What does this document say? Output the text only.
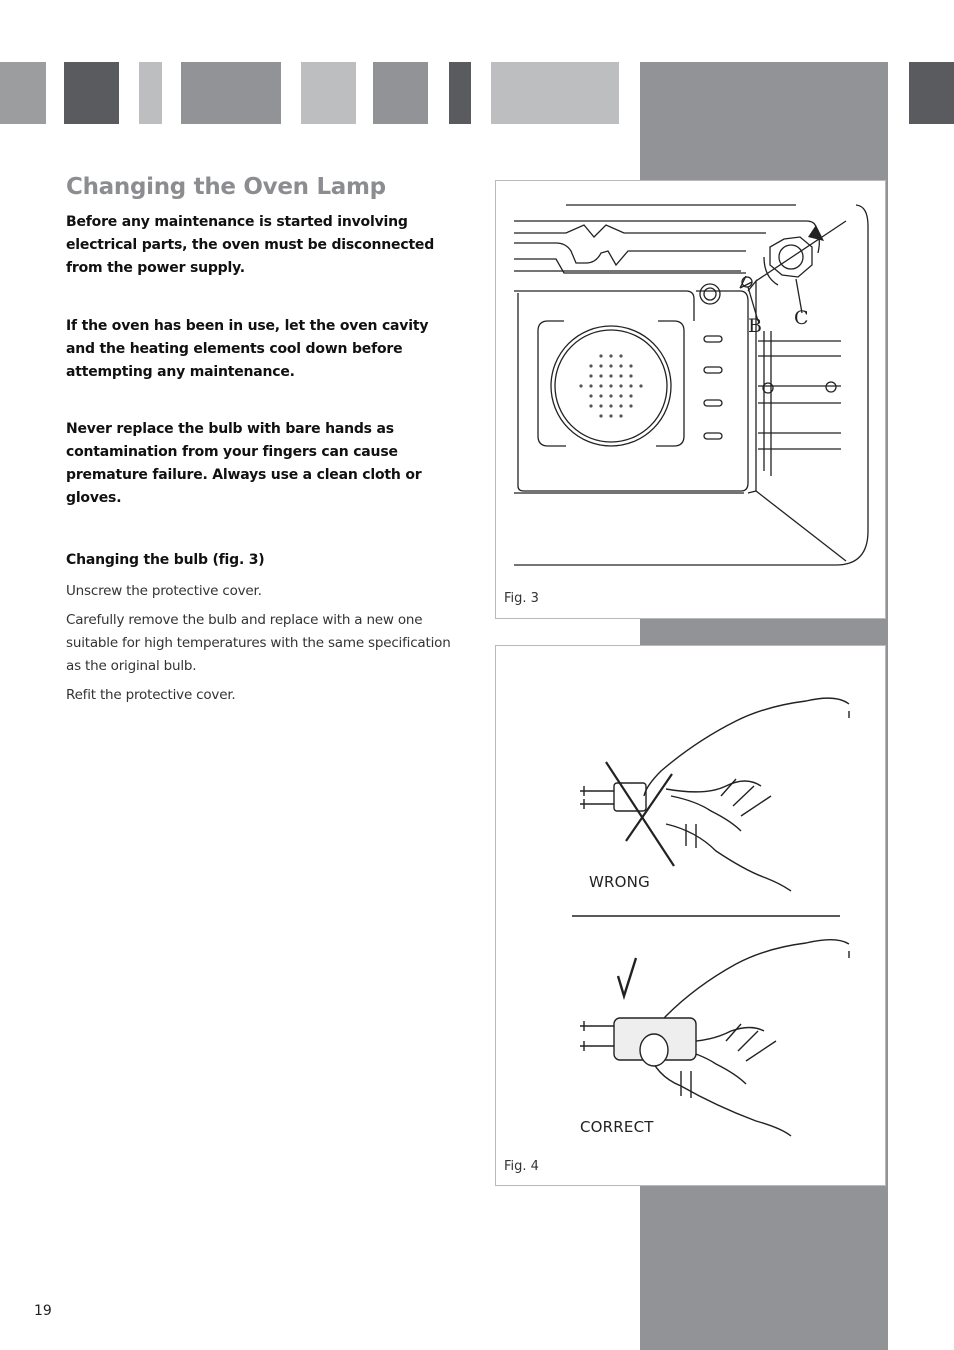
Changing the Oven Lamp

Before any maintenance is started involving electrical parts, the oven must be disconnected from the power supply.

If the oven has been in use, let the oven cavity and the heating elements cool down before attempting any maintenance.

Never replace the bulb with bare hands as contamination from your fingers can cause premature failure. Always use a clean cloth or gloves.

Changing the bulb (fig. 3)

Unscrew the protective cover.

Carefully remove the bulb and replace with a new one suitable for high temperatures with the same specification as the original bulb.

Refit the protective cover.

B C
Fig. 3
WRONG
CORRECT
Fig. 4
19
